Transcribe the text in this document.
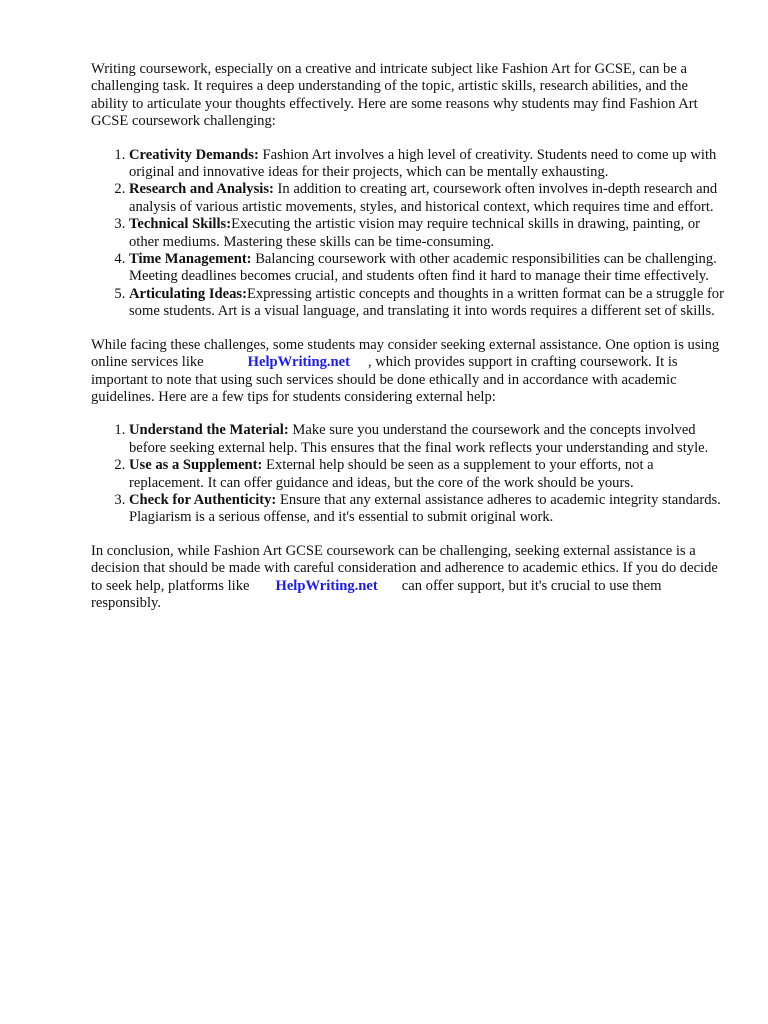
Writing coursework, especially on a creative and intricate subject like Fashion Art for GCSE, can be a challenging task. It requires a deep understanding of the topic, artistic skills, research abilities, and the ability to articulate your thoughts effectively. Here are some reasons why students may find Fashion Art GCSE coursework challenging:

1. Creativity Demands: Fashion Art involves a high level of creativity. Students need to come up with original and innovative ideas for their projects, which can be mentally exhausting.
2. Research and Analysis: In addition to creating art, coursework often involves in-depth research and analysis of various artistic movements, styles, and historical context, which requires time and effort.
3. Technical Skills:Executing the artistic vision may require technical skills in drawing, painting, or other mediums. Mastering these skills can be time-consuming.
4. Time Management: Balancing coursework with other academic responsibilities can be challenging. Meeting deadlines becomes crucial, and students often find it hard to manage their time effectively.
5. Articulating Ideas:Expressing artistic concepts and thoughts in a written format can be a struggle for some students. Art is a visual language, and translating it into words requires a different set of skills.

While facing these challenges, some students may consider seeking external assistance. One option is using online services like	HelpWriting.net , which provides support in crafting coursework. It is important to note that using such services should be done ethically and in accordance with academic guidelines. Here are a few tips for students considering external help:

1. Understand the Material: Make sure you understand the coursework and the concepts involved before seeking external help. This ensures that the final work reflects your understanding and style.
2. Use as a Supplement: External help should be seen as a supplement to your efforts, not a replacement. It can offer guidance and ideas, but the core of the work should be yours.
3. Check for Authenticity: Ensure that any external assistance adheres to academic integrity standards. Plagiarism is a serious offense, and it's essential to submit original work.

In conclusion, while Fashion Art GCSE coursework can be challenging, seeking external assistance is a decision that should be made with careful consideration and adherence to academic ethics. If you do decide to seek help, platforms like HelpWriting.net can offer support, but it's crucial to use them responsibly.
